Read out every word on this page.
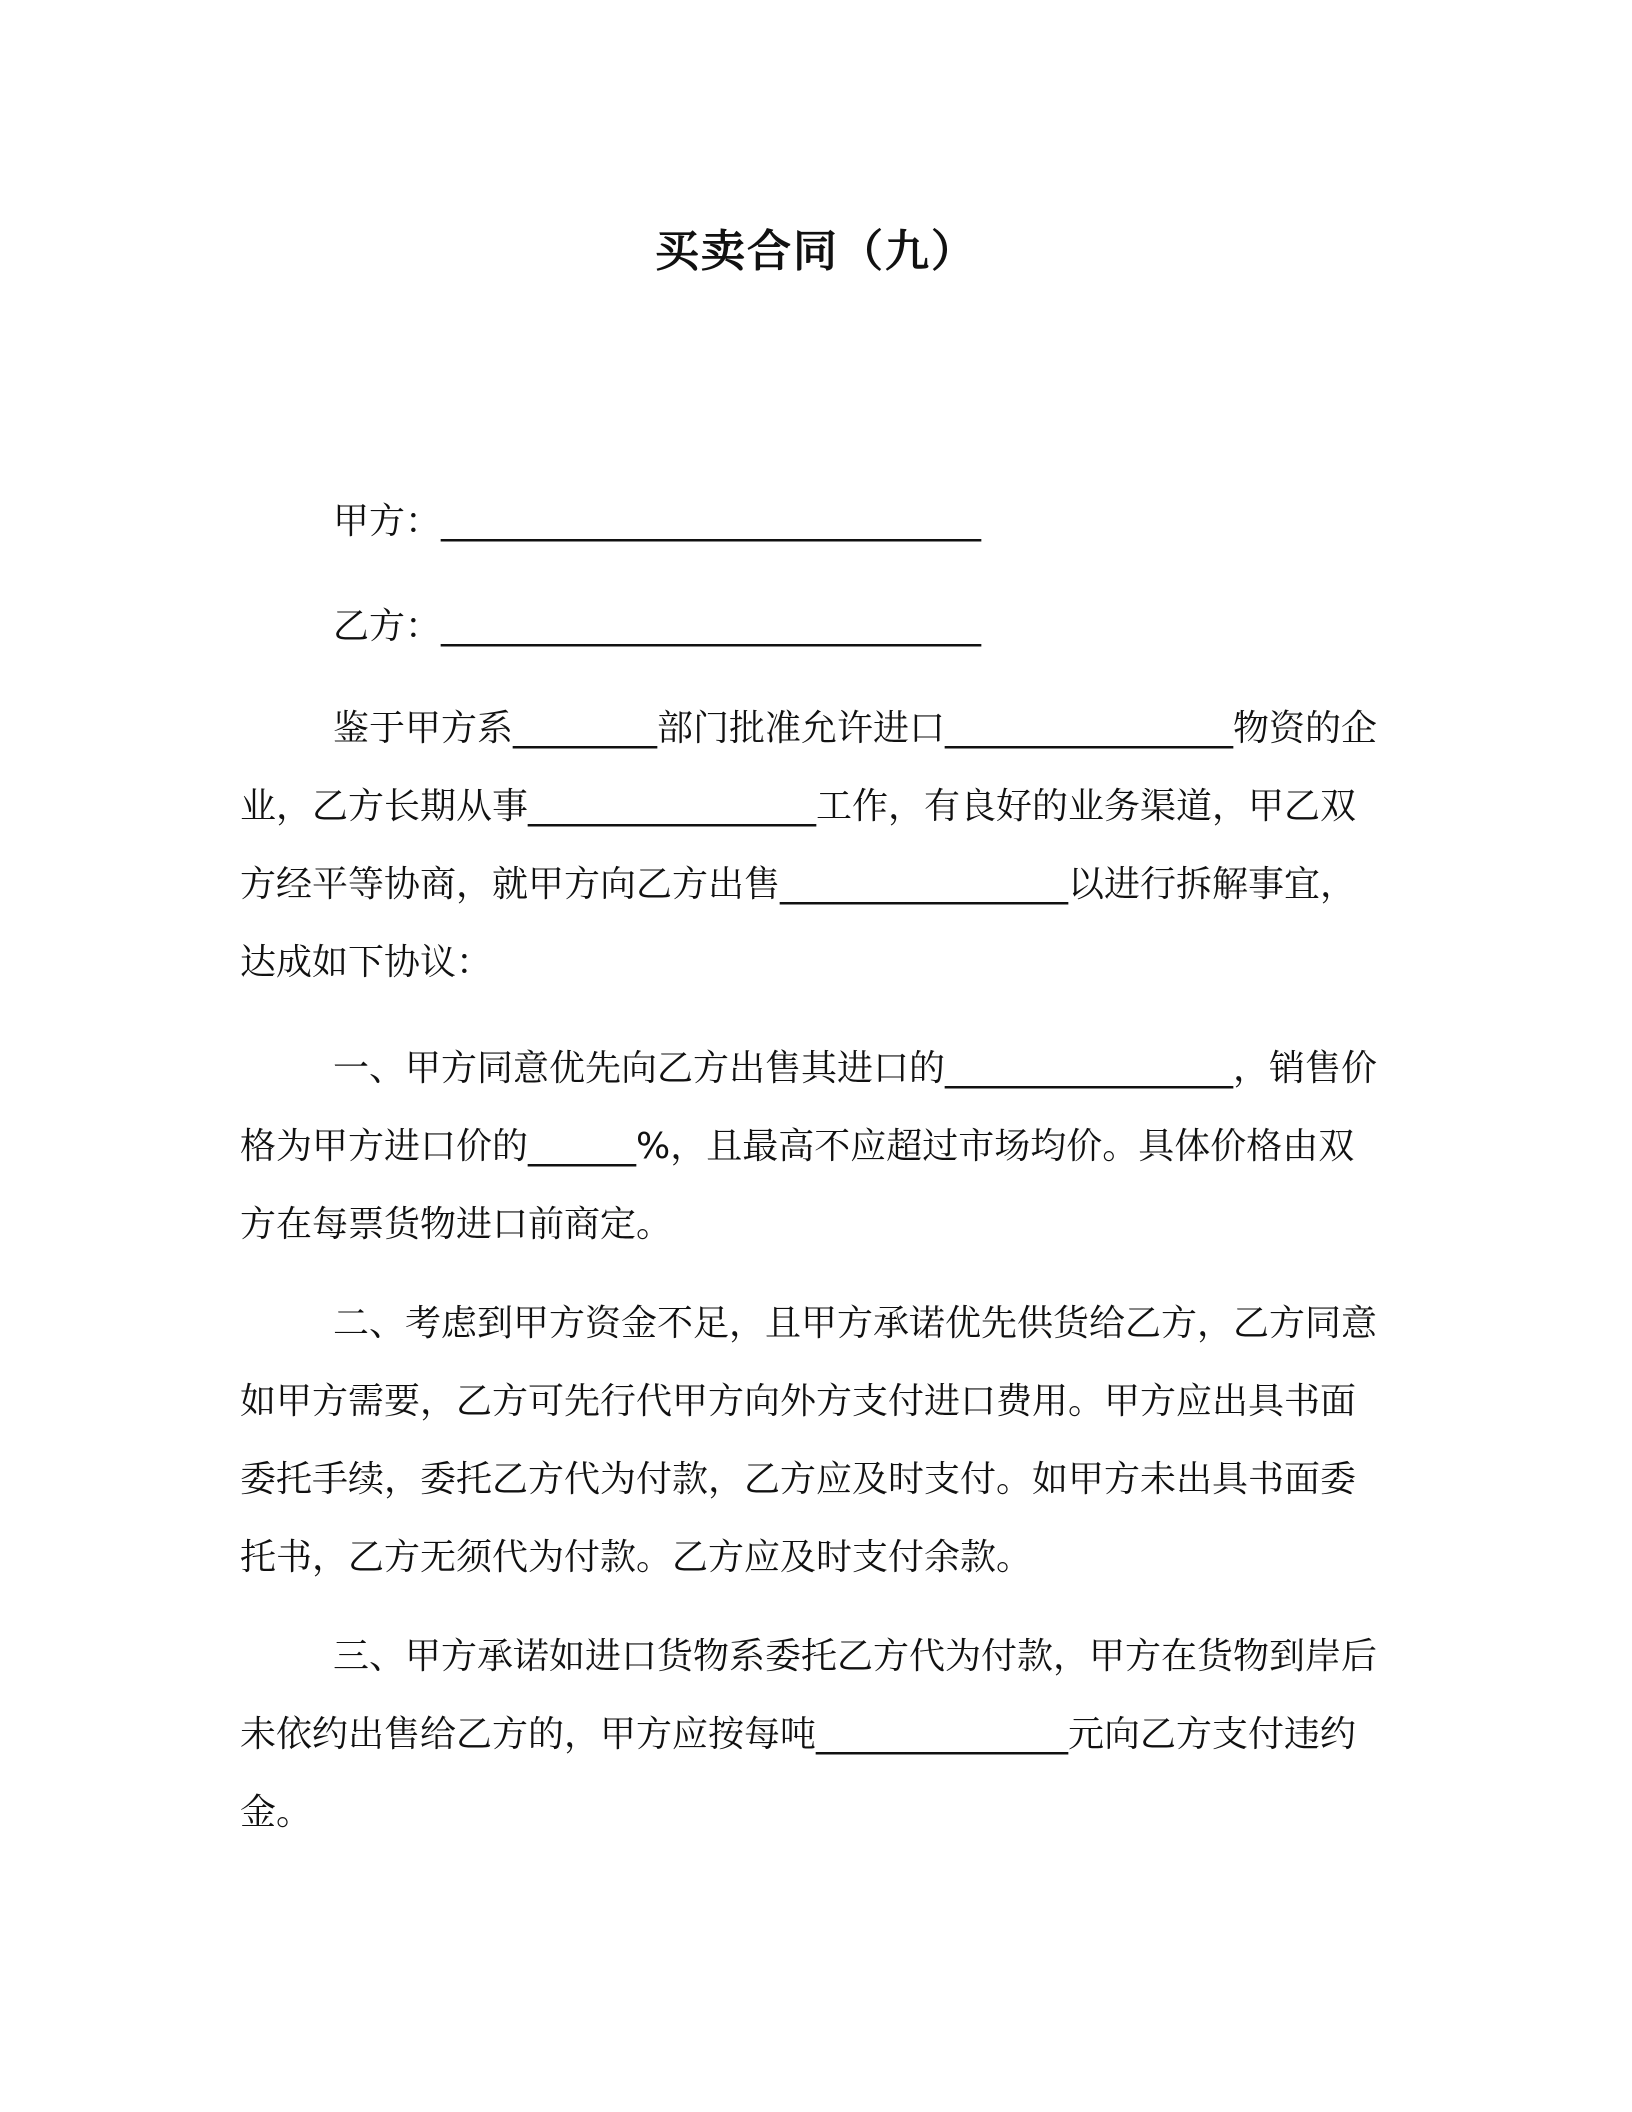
买卖合同（九）
甲方：______________________________
乙方：______________________________

鉴于甲方系________部门批准允许进口________________物资的企业，乙方长期从事________________工作，有良好的业务渠道，甲乙双方经平等协商，就甲方向乙方出售________________以进行拆解事宜，达成如下协议：

一、甲方同意优先向乙方出售其进口的________________，销售价格为甲方进口价的______%，且最高不应超过市场均价。具体价格由双方在每票货物进口前商定。

二、考虑到甲方资金不足，且甲方承诺优先供货给乙方，乙方同意如甲方需要，乙方可先行代甲方向外方支付进口费用。甲方应出具书面委托手续，委托乙方代为付款，乙方应及时支付。如甲方未出具书面委托书，乙方无须代为付款。乙方应及时支付余款。

三、甲方承诺如进口货物系委托乙方代为付款，甲方在货物到岸后未依约出售给乙方的，甲方应按每吨______________元向乙方支付违约金。
